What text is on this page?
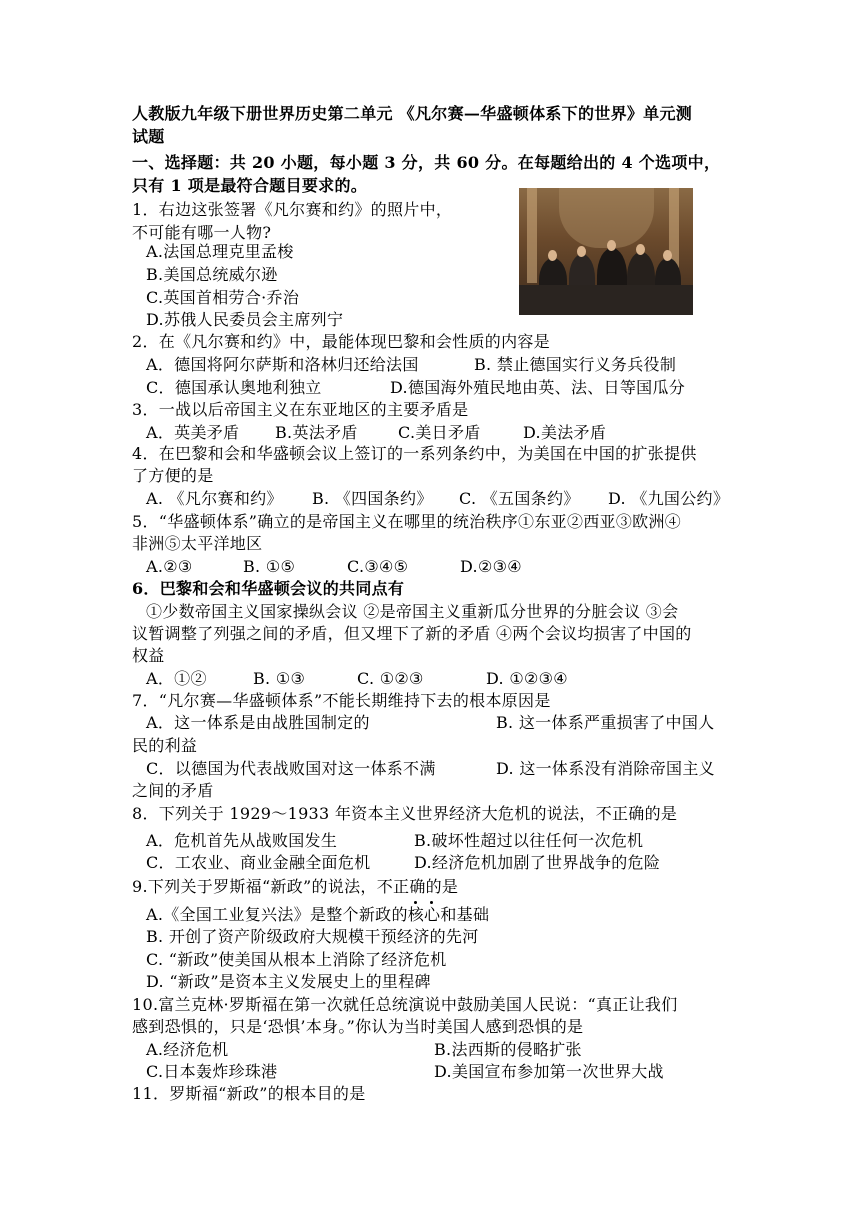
人教版九年级下册世界历史第二单元 《凡尔赛—华盛顿体系下的世界》单元测
试题
一、选择题：共 20 小题，每小题 3 分，共 60 分。在每题给出的 4 个选项中，
只有 1 项是最符合题目要求的。
1．右边这张签署《凡尔赛和约》的照片中，
不可能有哪一人物?
A.法国总理克里孟梭
B.美国总统威尔逊
C.英国首相劳合·乔治
D.苏俄人民委员会主席列宁
2．在《凡尔赛和约》中，最能体现巴黎和会性质的内容是
A．德国将阿尔萨斯和洛林归还给法国	B. 禁止德国实行义务兵役制
C．德国承认奥地利独立	D.德国海外殖民地由英、法、日等国瓜分
3．一战以后帝国主义在东亚地区的主要矛盾是
A．英美矛盾 B.英法矛盾	C.美日矛盾	D.美法矛盾
4．在巴黎和会和华盛顿会议上签订的一系列条约中，为美国在中国的扩张提供
了方便的是
A. 《凡尔赛和约》 B. 《四国条约》 C. 《五国条约》 D. 《九国公约》
5．“华盛顿体系”确立的是帝国主义在哪里的统治秩序①东亚②西亚③欧洲④
非洲⑤太平洋地区
A.②③	B. ①⑤	C.③④⑤	D.②③④
6．巴黎和会和华盛顿会议的共同点有
①少数帝国主义国家操纵会议 ②是帝国主义重新瓜分世界的分脏会议 ③会
议暂调整了列强之间的矛盾，但又埋下了新的矛盾 ④两个会议均损害了中国的
权益
A．①②	B. ①③	C. ①②③	D. ①②③④
7．“凡尔赛—华盛顿体系”不能长期维持下去的根本原因是
A．这一体系是由战胜国制定的	B. 这一体系严重损害了中国人
民的利益
C．以德国为代表战败国对这一体系不满	D. 这一体系没有消除帝国主义
之间的矛盾
8．下列关于 1929～1933 年资本主义世界经济大危机的说法，不正确的是
A．危机首先从战败国发生	B.破坏性超过以往任何一次危机
C．工农业、商业金融全面危机	D.经济危机加剧了世界战争的危险
9.下列关于罗斯福“新政”的说法，不正确的是
A.《全国工业复兴法》是整个新政的核心和基础
B. 开创了资产阶级政府大规模干预经济的先河
C. “新政”使美国从根本上消除了经济危机
D. “新政”是资本主义发展史上的里程碑
10.富兰克林·罗斯福在第一次就任总统演说中鼓励美国人民说：“真正让我们
感到恐惧的，只是‘恐惧’本身。”你认为当时美国人感到恐惧的是
A.经济危机	B.法西斯的侵略扩张
C.日本轰炸珍珠港	D.美国宣布参加第一次世界大战
11．罗斯福“新政”的根本目的是
